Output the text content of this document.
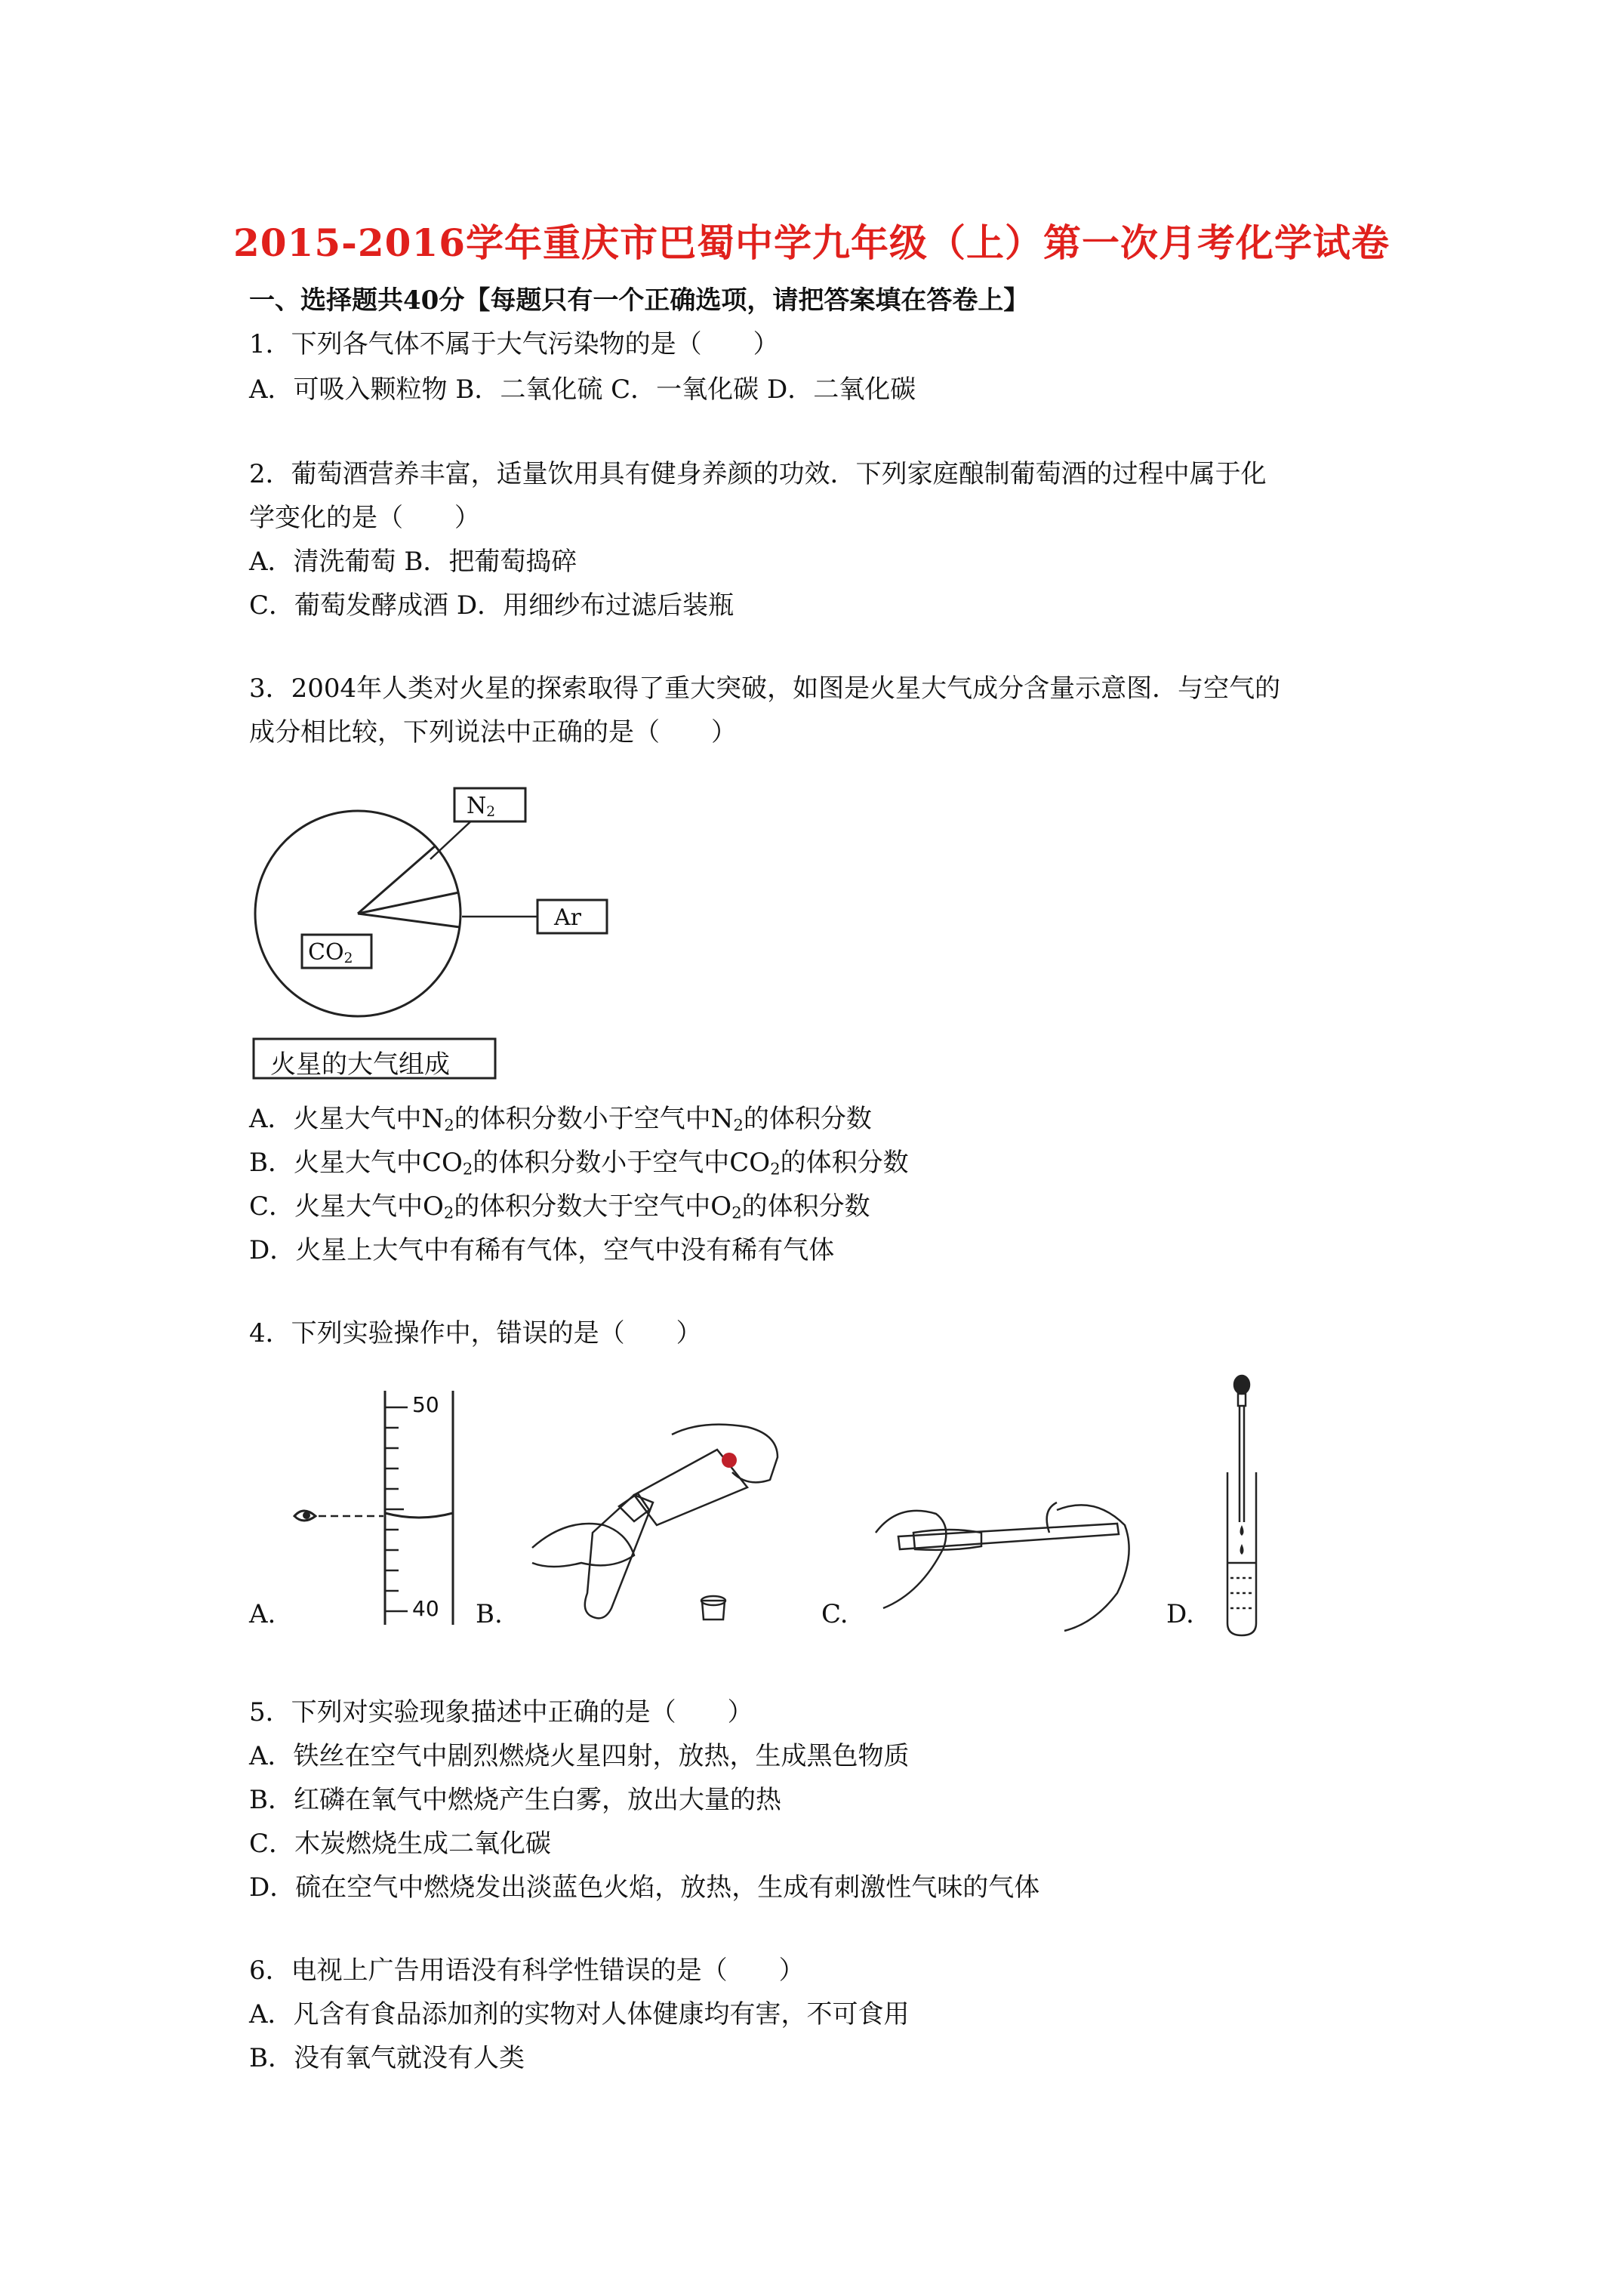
2015-2016学年重庆市巴蜀中学九年级（上）第一次月考化学试卷
一、选择题共40分【每题只有一个正确选项，请把答案填在答卷上】
1．下列各气体不属于大气污染物的是（　　）
A．可吸入颗粒物 B．二氧化硫 C．一氧化碳 D．二氧化碳
2．葡萄酒营养丰富，适量饮用具有健身养颜的功效．下列家庭酿制葡萄酒的过程中属于化
学变化的是（　　）
A．清洗葡萄 B．把葡萄捣碎
C．葡萄发酵成酒 D．用细纱布过滤后装瓶
3．2004年人类对火星的探索取得了重大突破，如图是火星大气成分含量示意图．与空气的
成分相比较，下列说法中正确的是（　　）
$N_2$
Ar
$CO_2$
火星的大气组成
A．火星大气中$N_2$的体积分数小于空气中$N_2$的体积分数
B．火星大气中$CO_2$的体积分数小于空气中$CO_2$的体积分数
C．火星大气中$O_2$的体积分数大于空气中$O_2$的体积分数
D．火星上大气中有稀有气体，空气中没有稀有气体
4．下列实验操作中，错误的是（　　）
50
40
A.	B.	C.	D.
5．下列对实验现象描述中正确的是（　　）
A．铁丝在空气中剧烈燃烧火星四射，放热，生成黑色物质
B．红磷在氧气中燃烧产生白雾，放出大量的热
C．木炭燃烧生成二氧化碳
D．硫在空气中燃烧发出淡蓝色火焰，放热，生成有刺激性气味的气体
6．电视上广告用语没有科学性错误的是（　　）
A．凡含有食品添加剂的实物对人体健康均有害，不可食用
B．没有氧气就没有人类
